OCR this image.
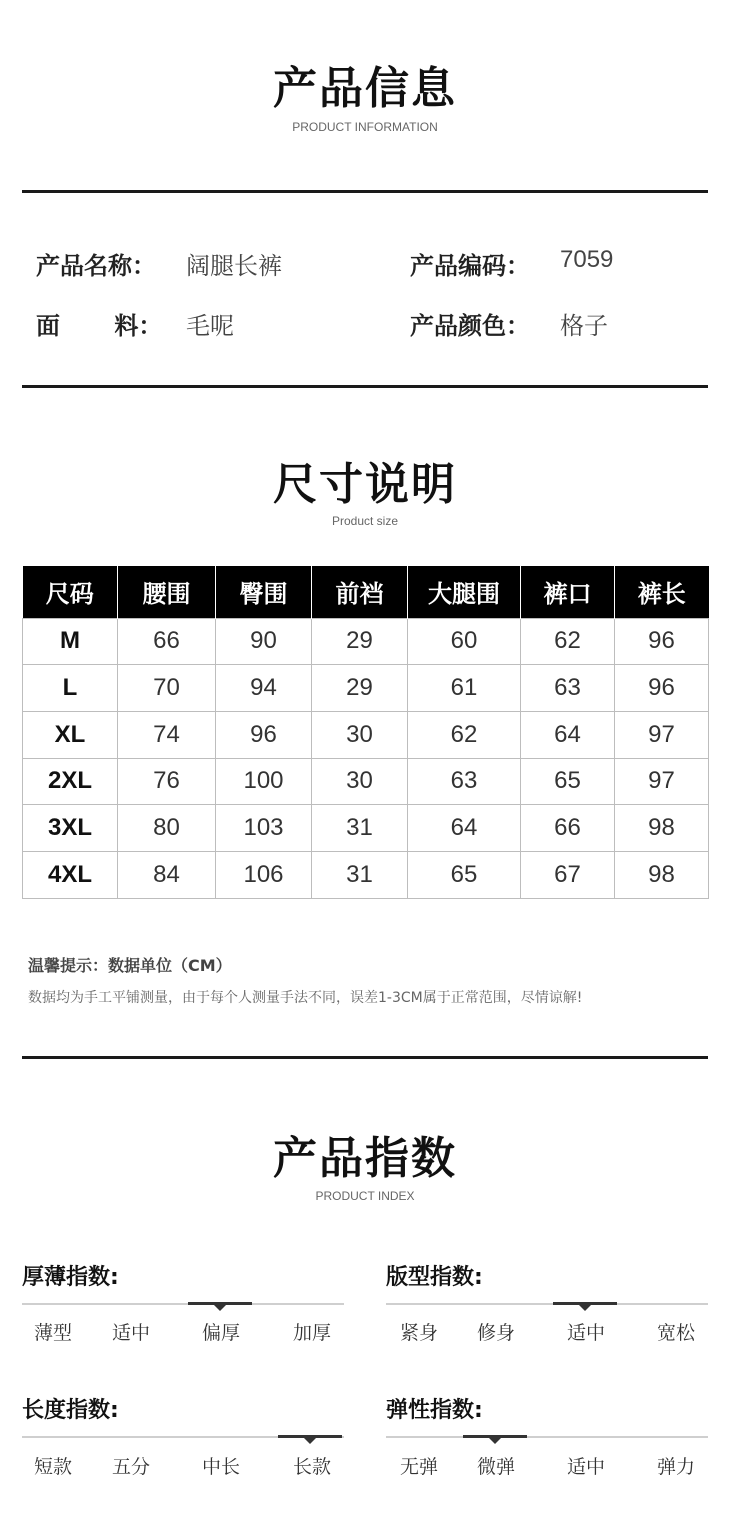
产品信息
PRODUCT INFORMATION
产品名称： 阔腿长裤	产品编码： 7059
面 料： 毛呢	产品颜色： 格子
尺寸说明
Product size
尺码	腰围	臀围	前裆	大腿围	裤口	裤长
M	66	90	29	60	62	96
L	70	94	29	61	63	96
XL	74	96	30	62	64	97
2XL	76	100	30	63	65	97
3XL	80	103	31	64	66	98
4XL	84	106	31	65	67	98
温馨提示：数据单位（CM）
数据均为手工平铺测量，由于每个人测量手法不同，误差1-3CM属于正常范围，尽情谅解!
产品指数
PRODUCT INDEX
厚薄指数:
薄型	适中	偏厚	加厚
版型指数:
紧身	修身	适中	宽松
长度指数:
短款	五分	中长	长款
弹性指数:
无弹	微弹	适中	弹力
